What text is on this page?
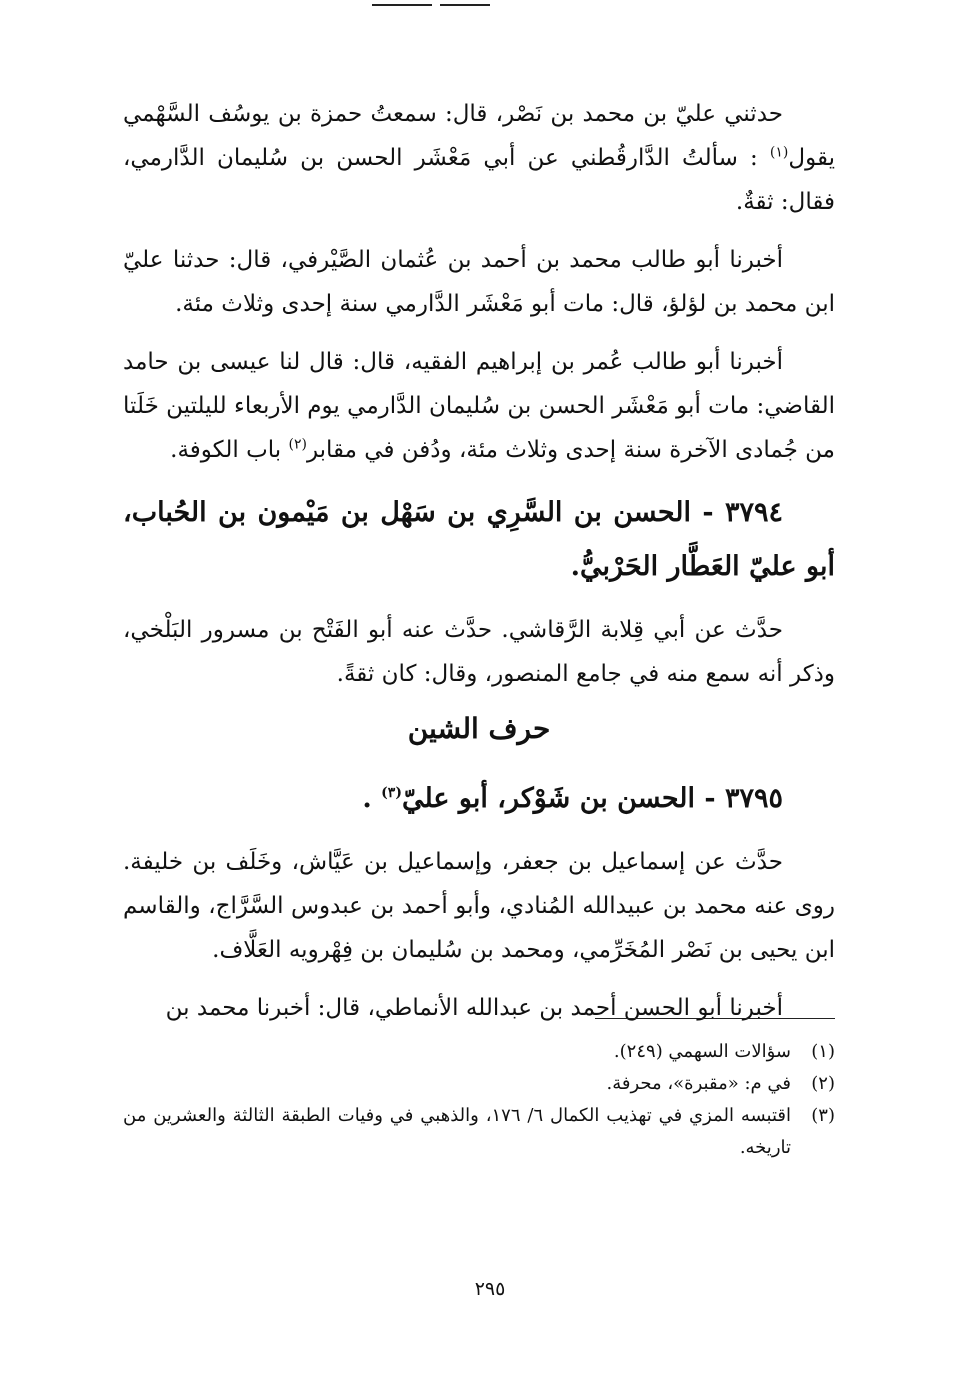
حدثني عليّ بن محمد بن نَصْر، قال: سمعتُ حمزة بن يوسُف السَّهْمي يقول$^{(١)}$ : سألتُ الدَّارقُطني عن أبي مَعْشَر الحسن بن سُليمان الدَّارمي، فقال: ثقةٌ.

أخبرنا أبو طالب محمد بن أحمد بن عُثمان الصَّيْرفي، قال: حدثنا عليّ ابن محمد بن لؤلؤ، قال: مات أبو مَعْشَر الدَّارمي سنة إحدى وثلاث مئة.

أخبرنا أبو طالب عُمر بن إبراهيم الفقيه، قال: قال لنا عيسى بن حامد القاضي: مات أبو مَعْشَر الحسن بن سُليمان الدَّارمي يوم الأربعاء لليلتين خَلَتا من جُمادى الآخرة سنة إحدى وثلاث مئة، ودُفن في مقابر$^{(٢)}$ باب الكوفة.

٣٧٩٤ - الحسن بن السَّرِي بن سَهْل بن مَيْمون بن الحُباب، أبو عليّ العَطَّار الحَرْبيُّ.

حدَّث عن أبي قِلابة الرَّقاشي. حدَّث عنه أبو الفَتْح بن مسرور البَلْخي، وذكر أنه سمع منه في جامع المنصور، وقال: كان ثقةً.

حرف الشين

٣٧٩٥ - الحسن بن شَوْكر، أبو عليّ$^{(٣)}$ .

حدَّث عن إسماعيل بن جعفر، وإسماعيل بن عَيَّاش، وخَلَف بن خليفة. روى عنه محمد بن عبيدالله المُنادي، وأبو أحمد بن عبدوس السَّرَّاج، والقاسم ابن يحيى بن نَصْر المُخَرِّمي، ومحمد بن سُليمان بن فِهْرويه العَلَّاف.

أخبرنا أبو الحسن أحمد بن عبدالله الأنماطي، قال: أخبرنا محمد بن

(١)
سؤالات السهمي (٢٤٩).
(٢)
في م: «مقبرة»، محرفة.
(٣)
اقتبسه المزي في تهذيب الكمال ٦/ ١٧٦، والذهبي في وفيات الطبقة الثالثة والعشرين من تاريخه.
٢٩٥
